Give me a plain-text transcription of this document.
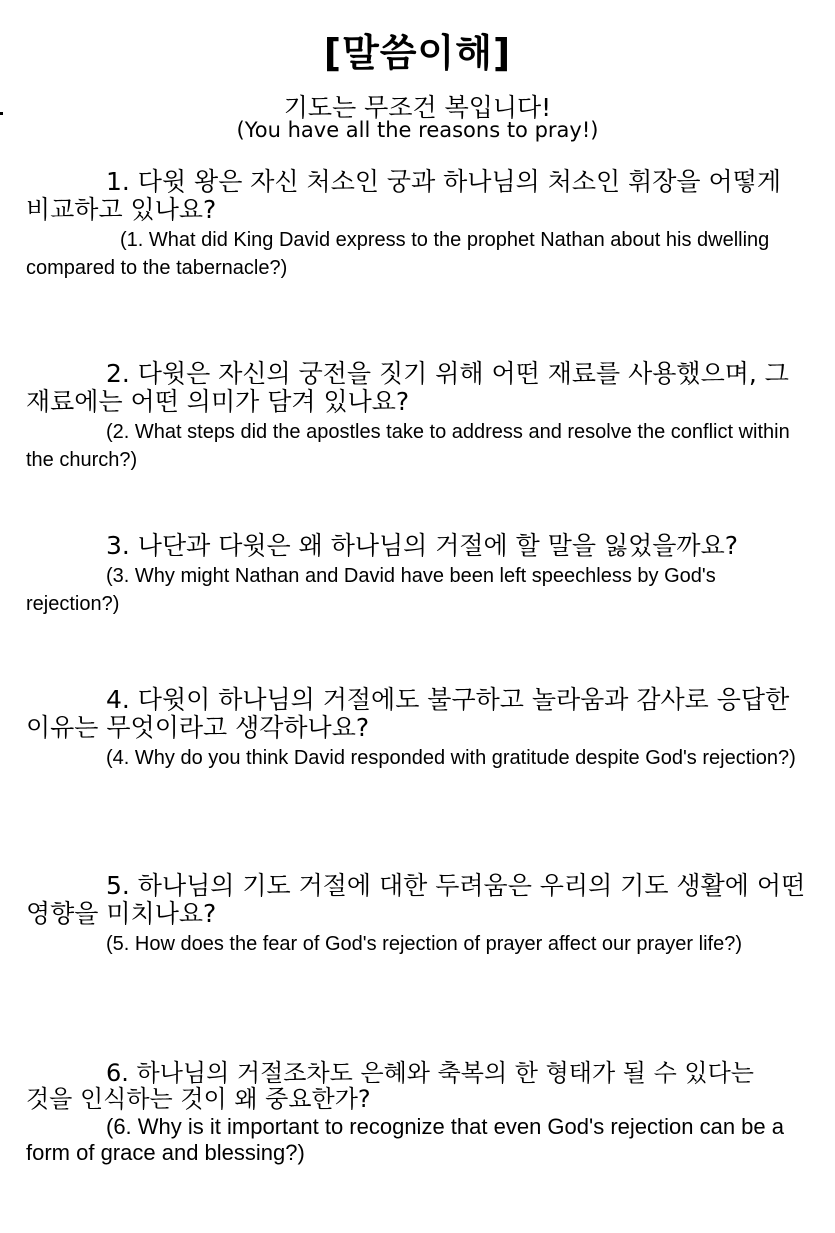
[말씀이해]
기도는 무조건 복입니다!
(You have all the reasons to pray!)

1. 다윗 왕은 자신 처소인 궁과 하나님의 처소인 휘장을 어떻게 비교하고 있나요?

(1. What did King David express to the prophet Nathan about his dwelling compared to the tabernacle?)

2. 다윗은 자신의 궁전을 짓기 위해 어떤 재료를 사용했으며, 그 재료에는 어떤 의미가 담겨 있나요?

(2. What steps did the apostles take to address and resolve the conflict within the church?)

3. 나단과 다윗은 왜 하나님의 거절에 할 말을 잃었을까요?

(3. Why might Nathan and David have been left speechless by God's rejection?)

4. 다윗이 하나님의 거절에도 불구하고 놀라움과 감사로 응답한 이유는 무엇이라고 생각하나요?

(4. Why do you think David responded with gratitude despite God's rejection?)

5. 하나님의 기도 거절에 대한 두려움은 우리의 기도 생활에 어떤 영향을 미치나요?

(5. How does the fear of God's rejection of prayer affect our prayer life?)

6. 하나님의 거절조차도 은혜와 축복의 한 형태가 될 수 있다는 것을 인식하는 것이 왜 중요한가?

(6. Why is it important to recognize that even God's rejection can be a form of grace and blessing?)
